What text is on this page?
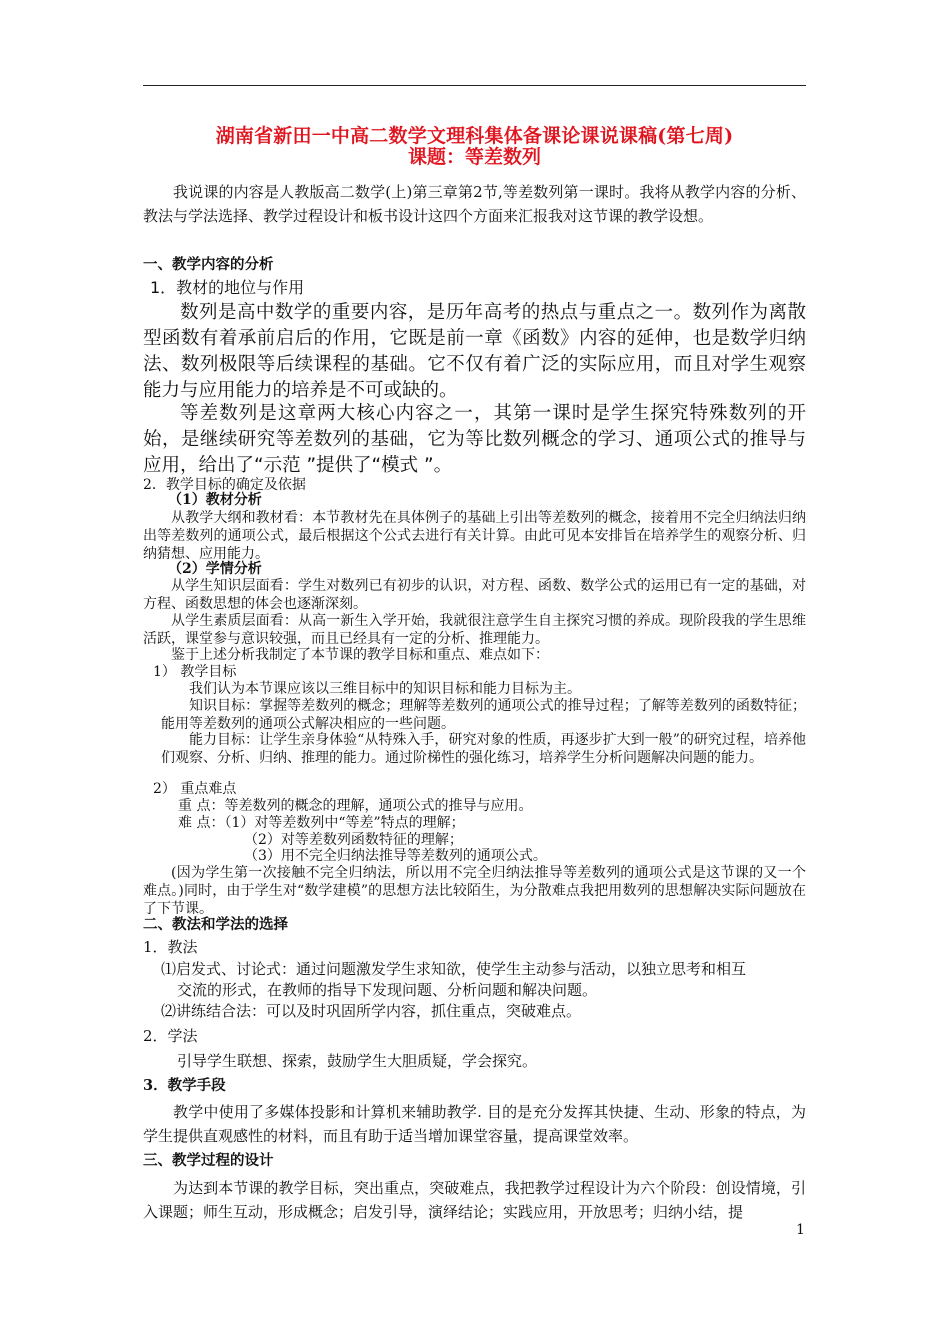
湖南省新田一中高二数学文理科集体备课论课说课稿(第七周)
课题：等差数列

我说课的内容是人教版高二数学(上)第三章第2节,等差数列第一课时。我将从教学内容的分析、教法与学法选择、教学过程设计和板书设计这四个方面来汇报我对这节课的教学设想。

一、教学内容的分析

1．教材的地位与作用

数列是高中数学的重要内容，是历年高考的热点与重点之一。数列作为离散型函数有着承前启后的作用，它既是前一章《函数》内容的延伸，也是数学归纳法、数列极限等后续课程的基础。它不仅有着广泛的实际应用，而且对学生观察能力与应用能力的培养是不可或缺的。

等差数列是这章两大核心内容之一，其第一课时是学生探究特殊数列的开始，是继续研究等差数列的基础，它为等比数列概念的学习、通项公式的推导与应用，给出了“示范 ”提供了“模式 ”。

2．教学目标的确定及依据

（1）教材分析

从教学大纲和教材看：本节教材先在具体例子的基础上引出等差数列的概念，接着用不完全归纳法归纳出等差数列的通项公式，最后根据这个公式去进行有关计算。由此可见本安排旨在培养学生的观察分析、归纳猜想、应用能力。

（2）学情分析

从学生知识层面看：学生对数列已有初步的认识，对方程、函数、数学公式的运用已有一定的基础，对方程、函数思想的体会也逐渐深刻。

从学生素质层面看：从高一新生入学开始，我就很注意学生自主探究习惯的养成。现阶段我的学生思维活跃，课堂参与意识较强，而且已经具有一定的分析、推理能力。

鉴于上述分析我制定了本节课的教学目标和重点、难点如下：

1） 教学目标

我们认为本节课应该以三维目标中的知识目标和能力目标为主。

知识目标：掌握等差数列的概念；理解等差数列的通项公式的推导过程；了解等差数列的函数特征；能用等差数列的通项公式解决相应的一些问题。

能力目标：让学生亲身体验“从特殊入手，研究对象的性质，再逐步扩大到一般”的研究过程，培养他们观察、分析、归纳、推理的能力。通过阶梯性的强化练习，培养学生分析问题解决问题的能力。

2） 重点难点

重 点：等差数列的概念的理解，通项公式的推导与应用。

难 点：（1）对等差数列中“等差”特点的理解；

（2）对等差数列函数特征的理解；

（3）用不完全归纳法推导等差数列的通项公式。

(因为学生第一次接触不完全归纳法，所以用不完全归纳法推导等差数列的通项公式是这节课的又一个难点。)同时，由于学生对“数学建模”的思想方法比较陌生，为分散难点我把用数列的思想解决实际问题放在了下节课。

二、教法和学法的选择

1．教法

⑴启发式、讨论式：通过问题激发学生求知欲，使学生主动参与活动，以独立思考和相互

交流的形式，在教师的指导下发现问题、分析问题和解决问题。

⑵讲练结合法：可以及时巩固所学内容，抓住重点，突破难点。

2．学法

引导学生联想、探索，鼓励学生大胆质疑，学会探究。

3．教学手段

教学中使用了多媒体投影和计算机来辅助教学. 目的是充分发挥其快捷、生动、形象的特点，为学生提供直观感性的材料，而且有助于适当增加课堂容量，提高课堂效率。

三、教学过程的设计

为达到本节课的教学目标，突出重点，突破难点，我把教学过程设计为六个阶段：创设情境，引入课题；师生互动，形成概念；启发引导，演绎结论；实践应用，开放思考；归纳小结，提

1
